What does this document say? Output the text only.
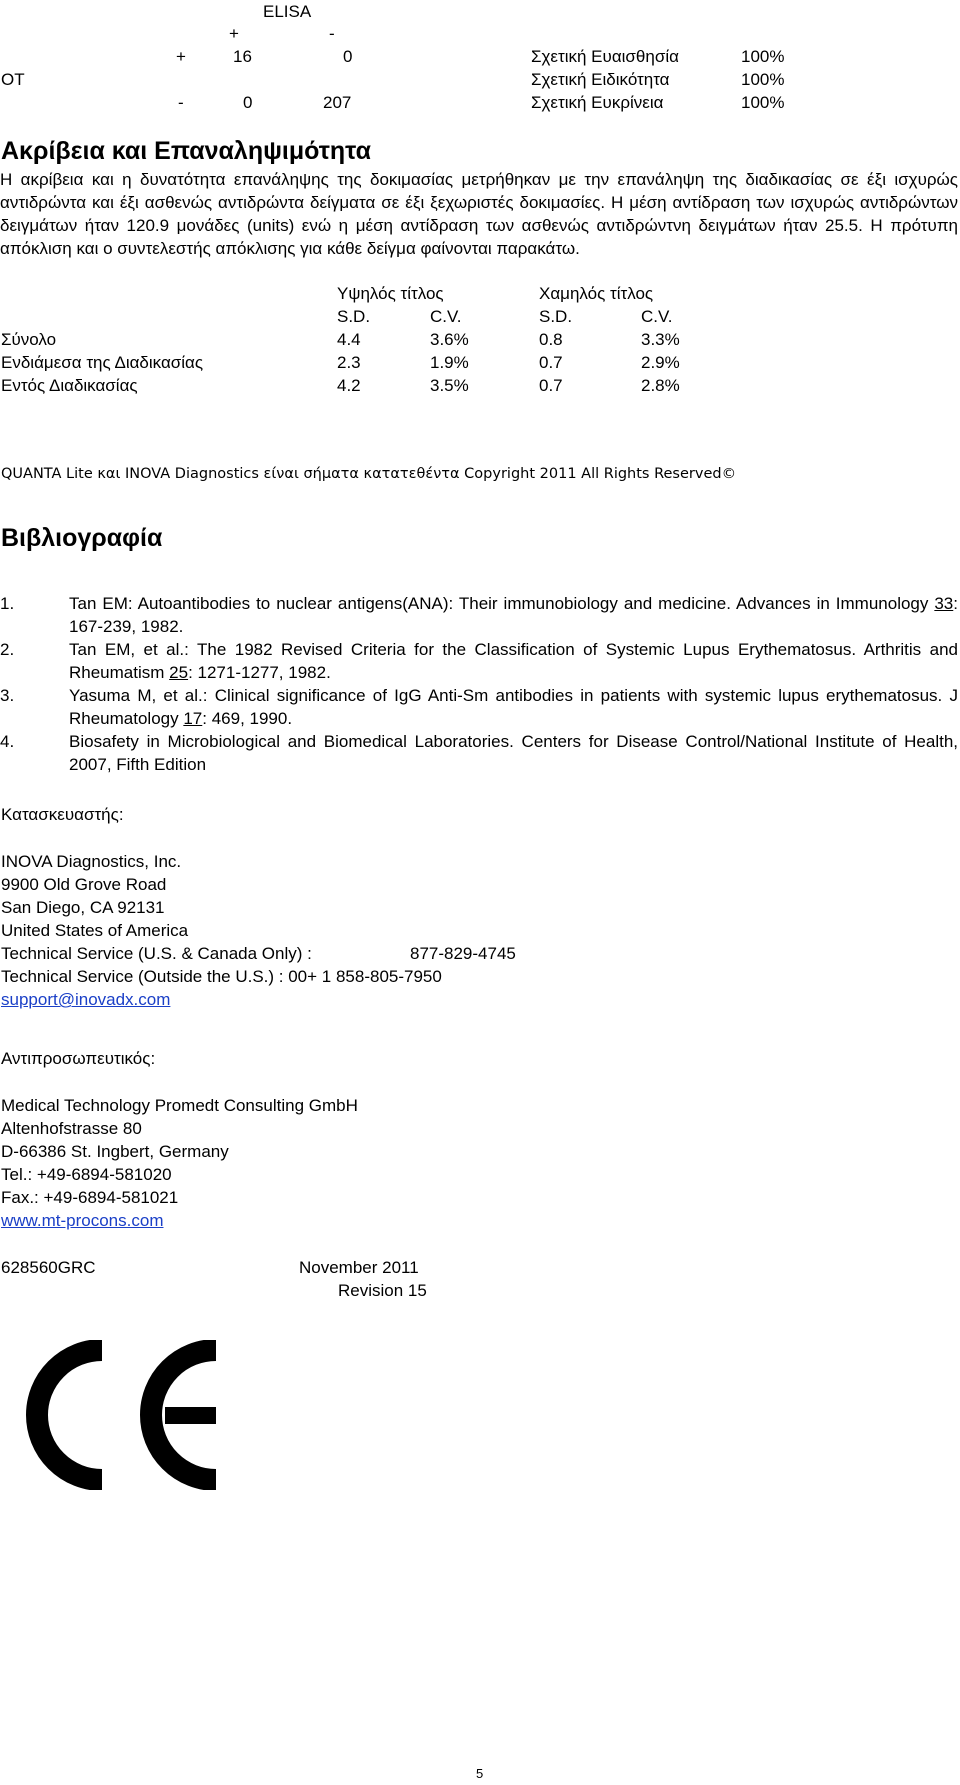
ELISA
+	-
+	16	0
OT
-	0	207
Σχετική Ευαισθησία	100%
Σχετική Ειδικότητα	100%
Σχετική Ευκρίνεια	100%
Ακρίβεια και Επαναληψιμότητα
Η ακρίβεια και η δυνατότητα επανάληψης της δοκιμασίας μετρήθηκαν με την επανάληψη της διαδικασίας σε έξι ισχυρώς αντιδρώντα και έξι ασθενώς αντιδρώντα δείγματα σε έξι ξεχωριστές δοκιμασίες. Η μέση αντίδραση των ισχυρώς αντιδρώντων δειγμάτων ήταν 120.9 μονάδες (units) ενώ η μέση αντίδραση των ασθενώς αντιδρώντνη δειγμάτων ήταν 25.5. Η πρότυπη απόκλιση και ο συντελεστής απόκλισης για κάθε δείγμα φαίνονται παρακάτω.
Υψηλός τίτλος	Χαμηλός τίτλος
S.D.	C.V.	S.D.	C.V.
Σύνολο	4.4	3.6%	0.8	3.3%
Ενδιάμεσα της Διαδικασίας	2.3	1.9%	0.7	2.9%
Εντός Διαδικασίας	4.2	3.5%	0.7	2.8%
QUANTA Lite και INOVA Diagnostics είναι σήματα κατατεθέντα Copyright 2011 All Rights Reserved©
Βιβλιογραφία
1.	Tan EM: Autoantibodies to nuclear antigens(ANA): Their immunobiology and medicine. Advances in Immunology 33: 167-239, 1982.
2.	Tan EM, et al.: The 1982 Revised Criteria for the Classification of Systemic Lupus Erythematosus. Arthritis and Rheumatism 25: 1271-1277, 1982.
3.	Yasuma M, et al.: Clinical significance of IgG Anti-Sm antibodies in patients with systemic lupus erythematosus. J Rheumatology 17: 469, 1990.
4.	Biosafety in Microbiological and Biomedical Laboratories. Centers for Disease Control/National Institute of Health, 2007, Fifth Edition
Κατασκευαστής:
INOVA Diagnostics, Inc.
9900 Old Grove Road
San Diego, CA 92131
United States of America
Technical Service (U.S. & Canada Only) :	877-829-4745
Technical Service (Outside the U.S.) : 00+ 1 858-805-7950
support@inovadx.com
Αντιπροσωπευτικός:
Medical Technology Promedt Consulting GmbH
Altenhofstrasse 80
D-66386 St. Ingbert, Germany
Tel.: +49-6894-581020
Fax.: +49-6894-581021
www.mt-procons.com
628560GRC	November 2011
Revision 15
5
